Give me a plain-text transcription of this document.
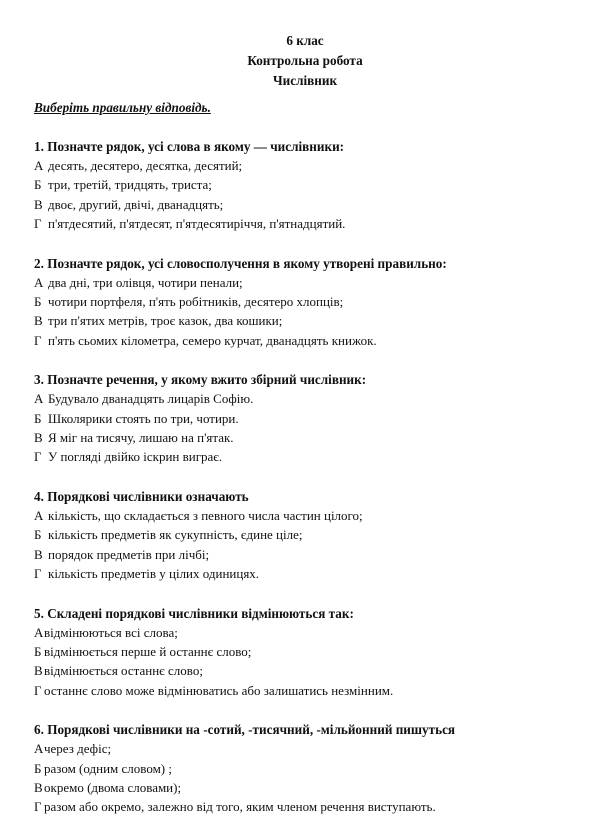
6 клас
Контрольна робота
Числівник
Виберіть правильну відповідь.
1. Позначте рядок, усі слова в якому — числівники:
А десять, десятеро, десятка, десятий;
Б три, третій, тридцять, триста;
В двоє, другий, двічі, дванадцять;
Г п'ятдесятий, п'ятдесят, п'ятдесятиріччя, п'ятнадцятий.
2. Позначте рядок, усі словосполучення в якому утворені правильно:
А два дні, три олівця, чотири пенали;
Б чотири портфеля, п'ять робітників, десятеро хлопців;
В три п'ятих метрів, троє казок, два кошики;
Г п'ять сьомих кілометра, семеро курчат, дванадцять книжок.
3. Позначте речення, у якому вжито збірний числівник:
А Будувало дванадцять лицарів Софію.
Б Школярики стоять по три, чотири.
В Я міг на тисячу, лишаю на п'ятак.
Г У погляді двійко іскрин виграє.
4. Порядкові числівники означають
А кількість, що складається з певного числа частин цілого;
Б кількість предметів як сукупність, єдине ціле;
В порядок предметів при лічбі;
Г кількість предметів у цілих одиницях.
5. Складені порядкові числівники відмінюються так:
Авідмінюються всі слова;
Б відмінюється перше й останнє слово;
Ввідмінюється останнє слово;
Г останнє слово може відмінюватись або залишатись незмінним.
6. Порядкові числівники на -сотий, -тисячний, -мільйонний пишуться
Ачерез дефіс;
Б разом (одним словом) ;
Вокремо (двома словами);
Г разом або окремо, залежно від того, яким членом речення виступають.
